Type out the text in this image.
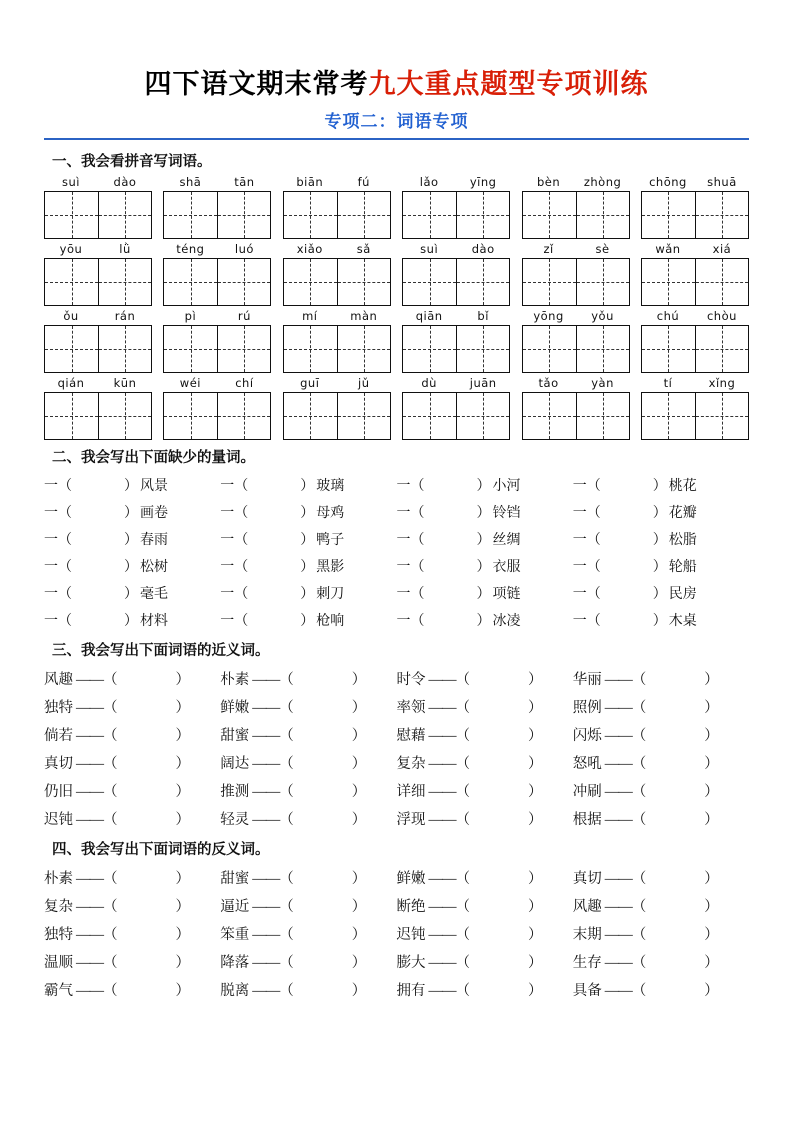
四下语文期末常考九大重点题型专项训练
专项二：词语专项
一、我会看拼音写词语。
suì	dào	shā	tān	biān	fú	lǎo	yīng	bèn	zhòng	chōng	shuā
yōu	lǜ	téng	luó	xiǎo	sǎ	suì	dào	zǐ	sè	wǎn	xiá
ǒu	rán	pì	rú	mí	màn	qiān	bǐ	yōng	yǒu	chú	chòu
qián	kūn	wéi	chí	guī	jǔ	dù	juān	tǎo	yàn	tí	xǐng
二、我会写出下面缺少的量词。
一（ ） 风景	一（ ） 玻璃	一（ ） 小河	一（ ） 桃花
一（ ） 画卷	一（ ） 母鸡	一（ ） 铃铛	一（ ） 花瓣
一（ ） 春雨	一（ ） 鸭子	一（ ） 丝绸	一（ ） 松脂
一（ ） 松树	一（ ） 黑影	一（ ） 衣服	一（ ） 轮船
一（ ） 毫毛	一（ ） 刺刀	一（ ） 项链	一（ ） 民房
一（ ） 材料	一（ ） 枪响	一（ ） 冰凌	一（ ） 木桌
三、我会写出下面词语的近义词。
风趣 ——（ ）	朴素 ——（ ）	时令 ——（ ）	华丽 ——（ ）
独特 ——（ ）	鲜嫩 ——（ ）	率领 ——（ ）	照例 ——（ ）
倘若 ——（ ）	甜蜜 ——（ ）	慰藉 ——（ ）	闪烁 ——（ ）
真切 ——（ ）	阔达 ——（ ）	复杂 ——（ ）	怒吼 ——（ ）
仍旧 ——（ ）	推测 ——（ ）	详细 ——（ ）	冲刷 ——（ ）
迟钝 ——（ ）	轻灵 ——（ ）	浮现 ——（ ）	根据 ——（ ）
四、我会写出下面词语的反义词。
朴素 ——（ ）	甜蜜 ——（ ）	鲜嫩 ——（ ）	真切 ——（ ）
复杂 ——（ ）	逼近 ——（ ）	断绝 ——（ ）	风趣 ——（ ）
独特 ——（ ）	笨重 ——（ ）	迟钝 ——（ ）	末期 ——（ ）
温顺 ——（ ）	降落 ——（ ）	膨大 ——（ ）	生存 ——（ ）
霸气 ——（ ）	脱离 ——（ ）	拥有 ——（ ）	具备 ——（ ）
